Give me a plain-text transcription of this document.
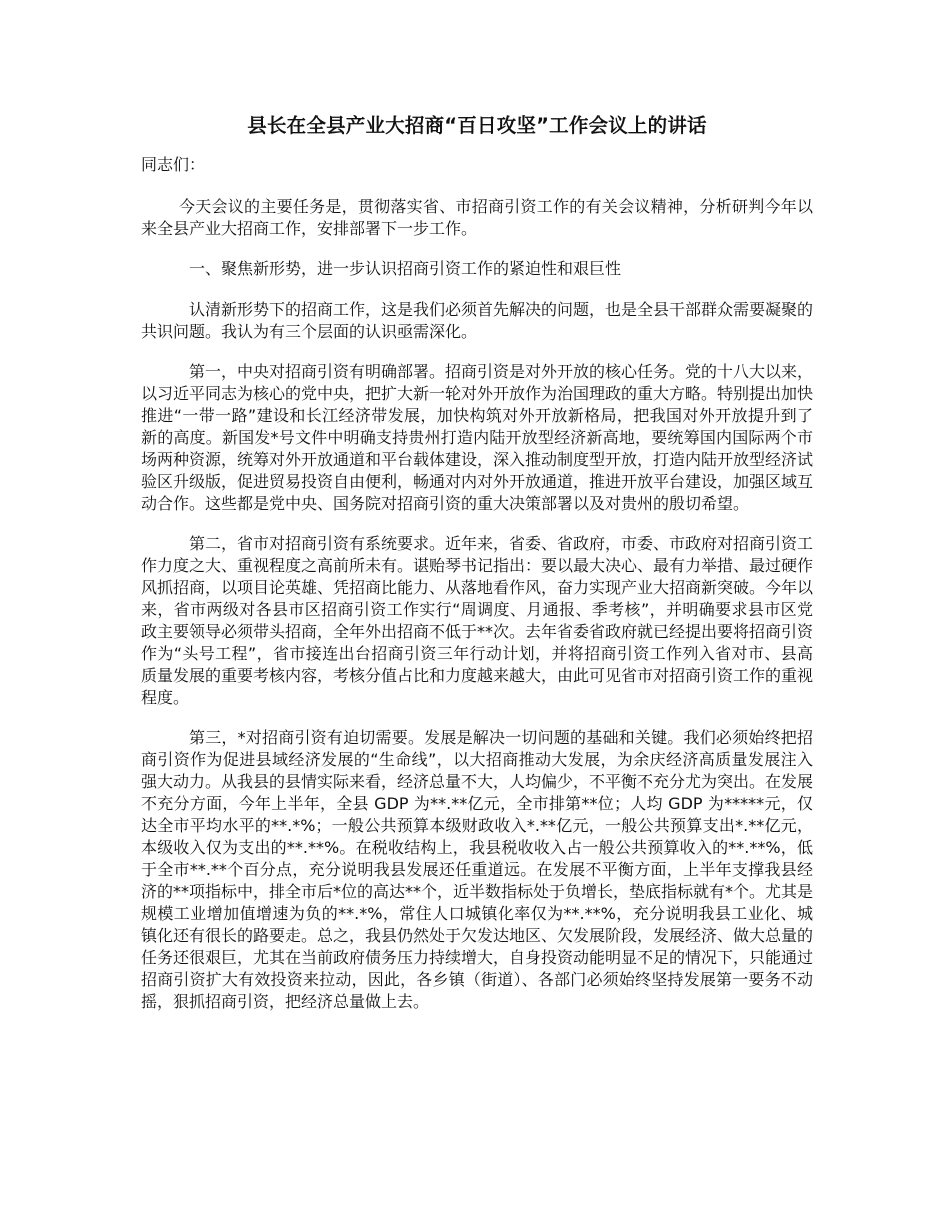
县长在全县产业大招商“百日攻坚”工作会议上的讲话

同志们：

今天会议的主要任务是，贯彻落实省、市招商引资工作的有关会议精神，分析研判今年以来全县产业大招商工作，安排部署下一步工作。

一、聚焦新形势，进一步认识招商引资工作的紧迫性和艰巨性

认清新形势下的招商工作，这是我们必须首先解决的问题，也是全县干部群众需要凝聚的共识问题。我认为有三个层面的认识亟需深化。

第一，中央对招商引资有明确部署。招商引资是对外开放的核心任务。党的十八大以来，以习近平同志为核心的党中央，把扩大新一轮对外开放作为治国理政的重大方略。特别提出加快推进“一带一路”建设和长江经济带发展，加快构筑对外开放新格局，把我国对外开放提升到了新的高度。新国发*号文件中明确支持贵州打造内陆开放型经济新高地，要统筹国内国际两个市场两种资源，统筹对外开放通道和平台载体建设，深入推动制度型开放，打造内陆开放型经济试验区升级版，促进贸易投资自由便利，畅通对内对外开放通道，推进开放平台建设，加强区域互动合作。这些都是党中央、国务院对招商引资的重大决策部署以及对贵州的殷切希望。

第二，省市对招商引资有系统要求。近年来，省委、省政府，市委、市政府对招商引资工作力度之大、重视程度之高前所未有。谌贻琴书记指出：要以最大决心、最有力举措、最过硬作风抓招商，以项目论英雄、凭招商比能力、从落地看作风，奋力实现产业大招商新突破。今年以来，省市两级对各县市区招商引资工作实行“周调度、月通报、季考核”，并明确要求县市区党政主要领导必须带头招商，全年外出招商不低于**次。去年省委省政府就已经提出要将招商引资作为“头号工程”，省市接连出台招商引资三年行动计划，并将招商引资工作列入省对市、县高质量发展的重要考核内容，考核分值占比和力度越来越大，由此可见省市对招商引资工作的重视程度。

第三，*对招商引资有迫切需要。发展是解决一切问题的基础和关键。我们必须始终把招商引资作为促进县域经济发展的“生命线”，以大招商推动大发展，为余庆经济高质量发展注入强大动力。从我县的县情实际来看，经济总量不大，人均偏少，不平衡不充分尤为突出。在发展不充分方面，今年上半年，全县 GDP 为**.**亿元，全市排第**位；人均 GDP 为*****元，仅达全市平均水平的**.*%；一般公共预算本级财政收入*.**亿元，一般公共预算支出*.**亿元，本级收入仅为支出的**.**%。在税收结构上，我县税收收入占一般公共预算收入的**.**%，低于全市**.**个百分点，充分说明我县发展还任重道远。在发展不平衡方面，上半年支撑我县经济的**项指标中，排全市后*位的高达**个，近半数指标处于负增长，垫底指标就有*个。尤其是规模工业增加值增速为负的**.*%，常住人口城镇化率仅为**.**%，充分说明我县工业化、城镇化还有很长的路要走。总之，我县仍然处于欠发达地区、欠发展阶段，发展经济、做大总量的任务还很艰巨，尤其在当前政府债务压力持续增大，自身投资动能明显不足的情况下，只能通过招商引资扩大有效投资来拉动，因此，各乡镇（街道）、各部门必须始终坚持发展第一要务不动摇，狠抓招商引资，把经济总量做上去。
